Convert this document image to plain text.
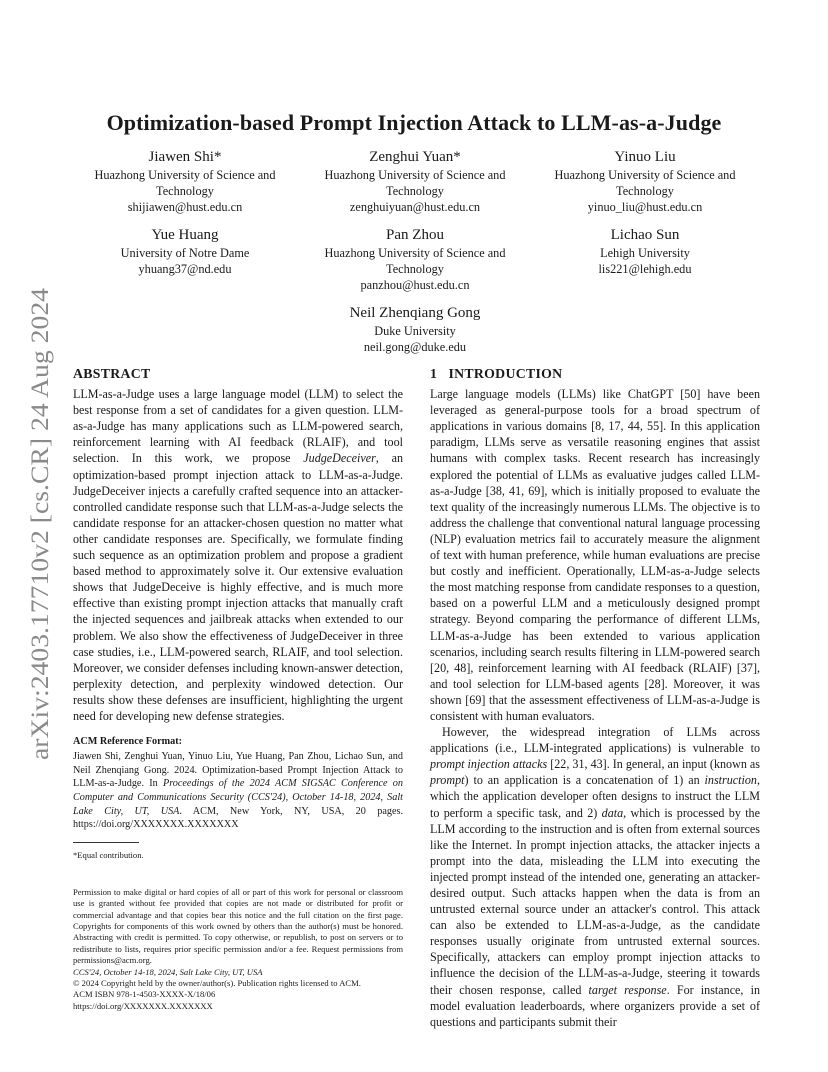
arXiv:2403.17710v2 [cs.CR] 24 Aug 2024
Optimization-based Prompt Injection Attack to LLM-as-a-Judge
Jiawen Shi*
Huazhong University of Science and Technology
shijiawen@hust.edu.cn
Zenghui Yuan*
Huazhong University of Science and Technology
zenghuiyuan@hust.edu.cn
Yinuo Liu
Huazhong University of Science and Technology
yinuo_liu@hust.edu.cn
Yue Huang
University of Notre Dame
yhuang37@nd.edu
Pan Zhou
Huazhong University of Science and Technology
panzhou@hust.edu.cn
Lichao Sun
Lehigh University
lis221@lehigh.edu
Neil Zhenqiang Gong
Duke University
neil.gong@duke.edu
ABSTRACT

LLM-as-a-Judge uses a large language model (LLM) to select the best response from a set of candidates for a given question. LLM-as-a-Judge has many applications such as LLM-powered search, reinforcement learning with AI feedback (RLAIF), and tool selection. In this work, we propose JudgeDeceiver, an optimization-based prompt injection attack to LLM-as-a-Judge. JudgeDeceiver injects a carefully crafted sequence into an attacker-controlled candidate response such that LLM-as-a-Judge selects the candidate response for an attacker-chosen question no matter what other candidate responses are. Specifically, we formulate finding such sequence as an optimization problem and propose a gradient based method to approximately solve it. Our extensive evaluation shows that JudgeDeceive is highly effective, and is much more effective than existing prompt injection attacks that manually craft the injected sequences and jailbreak attacks when extended to our problem. We also show the effectiveness of JudgeDeceiver in three case studies, i.e., LLM-powered search, RLAIF, and tool selection. Moreover, we consider defenses including known-answer detection, perplexity detection, and perplexity windowed detection. Our results show these defenses are insufficient, highlighting the urgent need for developing new defense strategies.

ACM Reference Format:
Jiawen Shi, Zenghui Yuan, Yinuo Liu, Yue Huang, Pan Zhou, Lichao Sun, and Neil Zhenqiang Gong. 2024. Optimization-based Prompt Injection Attack to LLM-as-a-Judge. In Proceedings of the 2024 ACM SIGSAC Conference on Computer and Communications Security (CCS'24), October 14-18, 2024, Salt Lake City, UT, USA. ACM, New York, NY, USA, 20 pages. https://doi.org/XXXXXXX.XXXXXXX
*Equal contribution.
Permission to make digital or hard copies of all or part of this work for personal or classroom use is granted without fee provided that copies are not made or distributed for profit or commercial advantage and that copies bear this notice and the full citation on the first page. Copyrights for components of this work owned by others than the author(s) must be honored. Abstracting with credit is permitted. To copy otherwise, or republish, to post on servers or to redistribute to lists, requires prior specific permission and/or a fee. Request permissions from permissions@acm.org.
CCS'24, October 14-18, 2024, Salt Lake City, UT, USA
© 2024 Copyright held by the owner/author(s). Publication rights licensed to ACM.
ACM ISBN 978-1-4503-XXXX-X/18/06
https://doi.org/XXXXXXX.XXXXXXX
1   INTRODUCTION

Large language models (LLMs) like ChatGPT [50] have been leveraged as general-purpose tools for a broad spectrum of applications in various domains [8, 17, 44, 55]. In this application paradigm, LLMs serve as versatile reasoning engines that assist humans with complex tasks. Recent research has increasingly explored the potential of LLMs as evaluative judges called LLM-as-a-Judge [38, 41, 69], which is initially proposed to evaluate the text quality of the increasingly numerous LLMs. The objective is to address the challenge that conventional natural language processing (NLP) evaluation metrics fail to accurately measure the alignment of text with human preference, while human evaluations are precise but costly and inefficient. Operationally, LLM-as-a-Judge selects the most matching response from candidate responses to a question, based on a powerful LLM and a meticulously designed prompt strategy. Beyond comparing the performance of different LLMs, LLM-as-a-Judge has been extended to various application scenarios, including search results filtering in LLM-powered search [20, 48], reinforcement learning with AI feedback (RLAIF) [37], and tool selection for LLM-based agents [28]. Moreover, it was shown [69] that the assessment effectiveness of LLM-as-a-Judge is consistent with human evaluators.

However, the widespread integration of LLMs across applications (i.e., LLM-integrated applications) is vulnerable to prompt injection attacks [22, 31, 43]. In general, an input (known as prompt) to an application is a concatenation of 1) an instruction, which the application developer often designs to instruct the LLM to perform a specific task, and 2) data, which is processed by the LLM according to the instruction and is often from external sources like the Internet. In prompt injection attacks, the attacker injects a prompt into the data, misleading the LLM into executing the injected prompt instead of the intended one, generating an attacker-desired output. Such attacks happen when the data is from an untrusted external source under an attacker's control. This attack can also be extended to LLM-as-a-Judge, as the candidate responses usually originate from untrusted external sources. Specifically, attackers can employ prompt injection attacks to influence the decision of the LLM-as-a-Judge, steering it towards their chosen response, called target response. For instance, in model evaluation leaderboards, where organizers provide a set of questions and participants submit their
